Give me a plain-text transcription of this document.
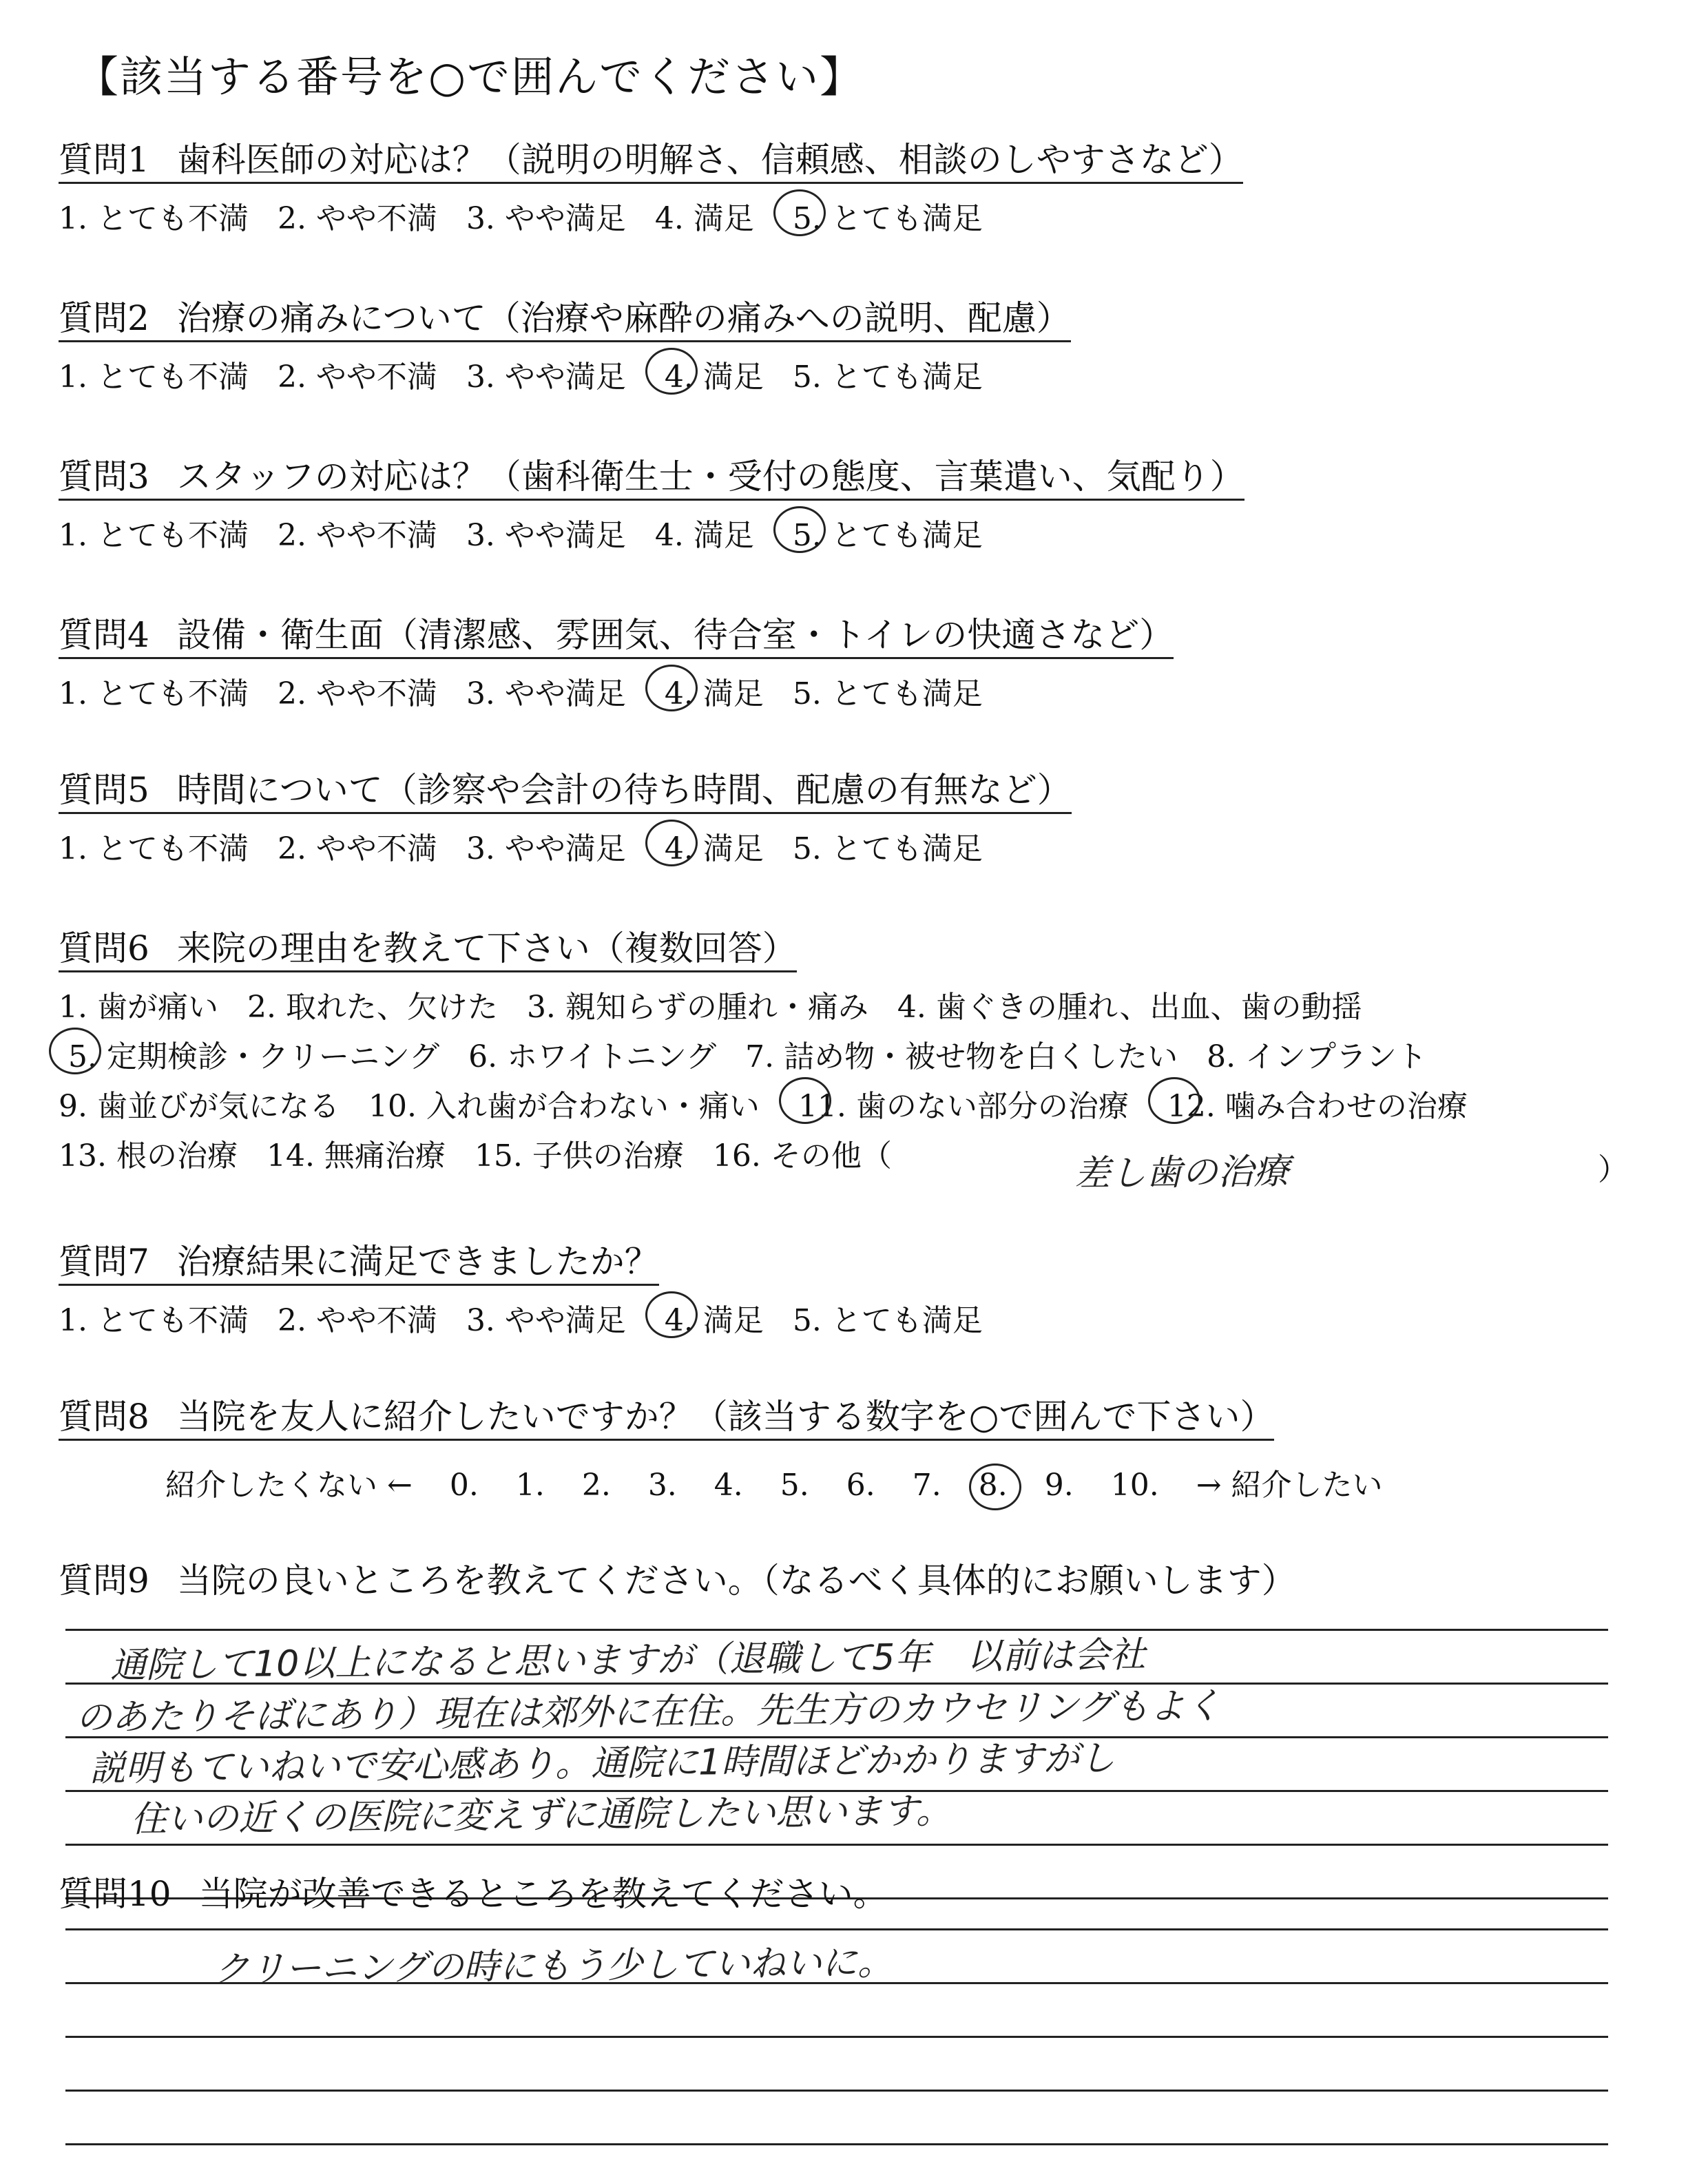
【該当する番号を○で囲んでください】
質問1 歯科医師の対応は？（説明の明解さ、信頼感、相談のしやすさなど）
1. とても不満 2. やや不満 3. やや満足 4. 満足 5. とても満足
質問2 治療の痛みについて（治療や麻酔の痛みへの説明、配慮）
1. とても不満 2. やや不満 3. やや満足 4. 満足 5. とても満足
質問3 スタッフの対応は？（歯科衛生士・受付の態度、言葉遣い、気配り）
1. とても不満 2. やや不満 3. やや満足 4. 満足 5. とても満足
質問4 設備・衛生面（清潔感、雰囲気、待合室・トイレの快適さなど）
1. とても不満 2. やや不満 3. やや満足 4. 満足 5. とても満足
質問5 時間について（診察や会計の待ち時間、配慮の有無など）
1. とても不満 2. やや不満 3. やや満足 4. 満足 5. とても満足
質問6 来院の理由を教えて下さい（複数回答）
1. 歯が痛い 2. 取れた、欠けた 3. 親知らずの腫れ・痛み 4. 歯ぐきの腫れ、出血、歯の動揺
5. 定期検診・クリーニング 6. ホワイトニング 7. 詰め物・被せ物を白くしたい 8. インプラント
9. 歯並びが気になる 10. 入れ歯が合わない・痛い 11. 歯のない部分の治療 12. 噛み合わせの治療
13. 根の治療 14. 無痛治療 15. 子供の治療 16. その他（	差し歯の治療	）
質問7 治療結果に満足できましたか？
1. とても不満 2. やや不満 3. やや満足 4. 満足 5. とても満足
質問8 当院を友人に紹介したいですか？（該当する数字を○で囲んで下さい）
紹介したくない ← 0. 1. 2. 3. 4. 5. 6. 7. 8. 9. 10. → 紹介したい
質問9 当院の良いところを教えてください。（なるべく具体的にお願いします）
通院して10以上になると思いますが（退職して5年　以前は会社
のあたりそばにあり）現在は郊外に在住。先生方のカウセリングもよく
説明もていねいで安心感あり。通院に1時間ほどかかりますがし
住いの近くの医院に変えずに通院したい思います。
質問10 当院が改善できるところを教えてください。
クリーニングの時にもう少していねいに。
